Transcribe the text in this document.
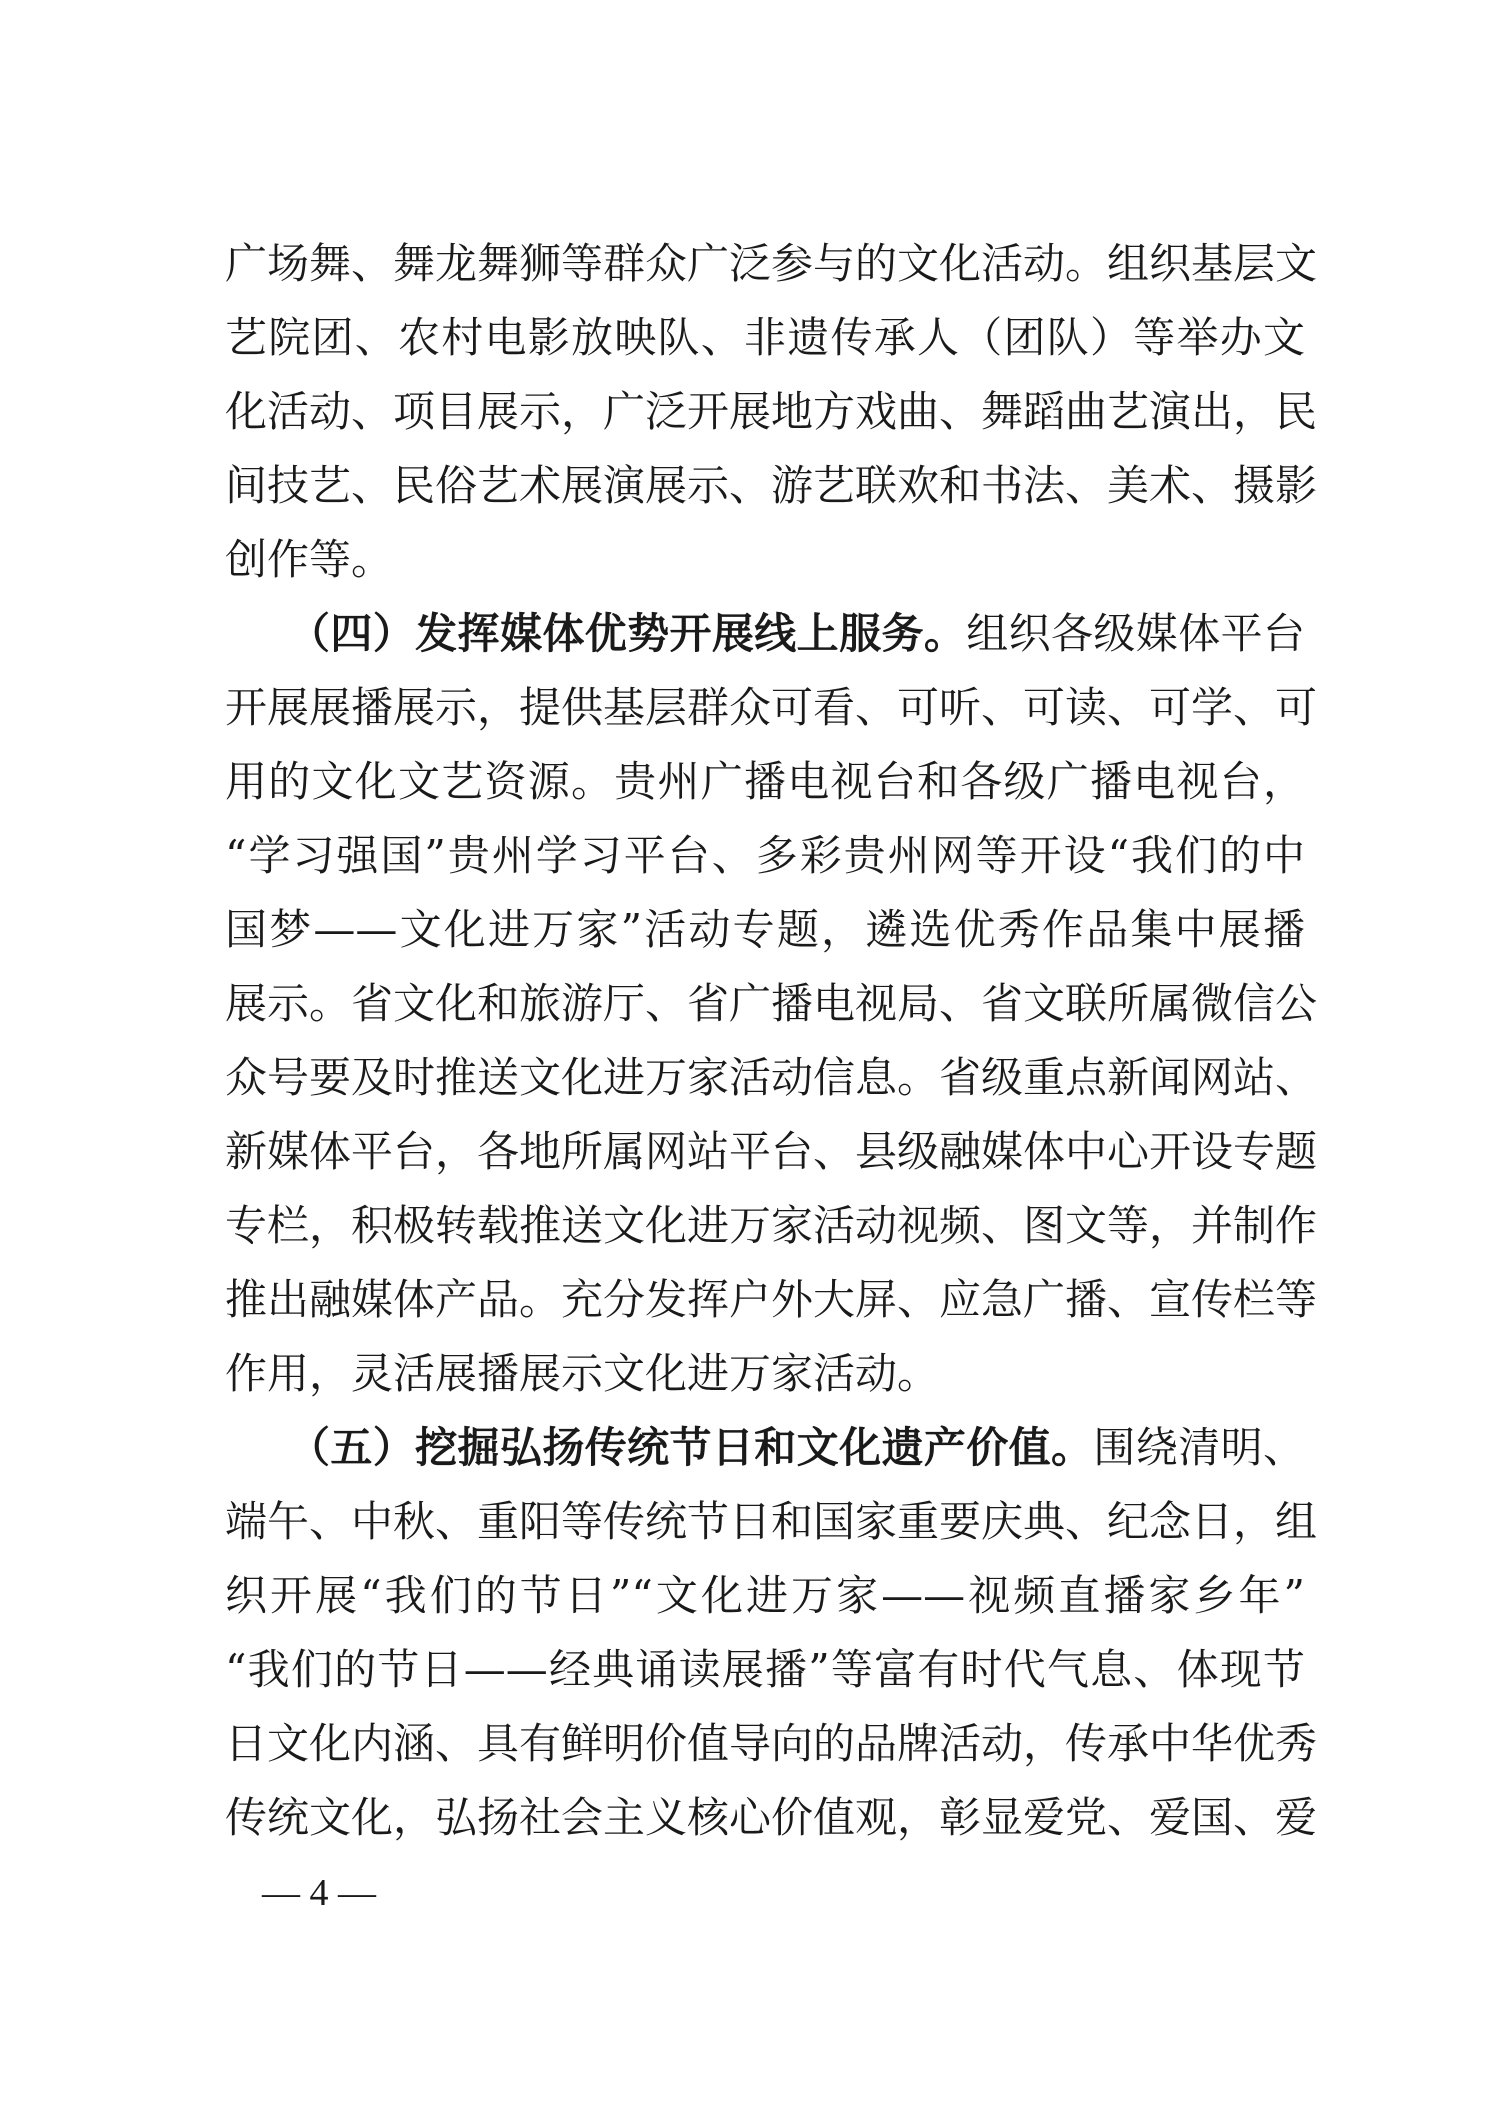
广场舞、舞龙舞狮等群众广泛参与的文化活动。组织基层文
艺院团、农村电影放映队、非遗传承人（团队）等举办文
化活动、项目展示，广泛开展地方戏曲、舞蹈曲艺演出，民
间技艺、民俗艺术展演展示、游艺联欢和书法、美术、摄影
创作等。
（四）发挥媒体优势开展线上服务。组织各级媒体平台
开展展播展示，提供基层群众可看、可听、可读、可学、可
用的文化文艺资源。贵州广播电视台和各级广播电视台，
“学习强国”贵州学习平台、多彩贵州网等开设“我们的中
国梦——文化进万家”活动专题，遴选优秀作品集中展播
展示。省文化和旅游厅、省广播电视局、省文联所属微信公
众号要及时推送文化进万家活动信息。省级重点新闻网站、
新媒体平台，各地所属网站平台、县级融媒体中心开设专题
专栏，积极转载推送文化进万家活动视频、图文等，并制作
推出融媒体产品。充分发挥户外大屏、应急广播、宣传栏等
作用，灵活展播展示文化进万家活动。
（五）挖掘弘扬传统节日和文化遗产价值。围绕清明、
端午、中秋、重阳等传统节日和国家重要庆典、纪念日，组
织开展“我们的节日”“文化进万家——视频直播家乡年”
“我们的节日——经典诵读展播”等富有时代气息、体现节
日文化内涵、具有鲜明价值导向的品牌活动，传承中华优秀
传统文化，弘扬社会主义核心价值观，彰显爱党、爱国、爱
— 4 —
